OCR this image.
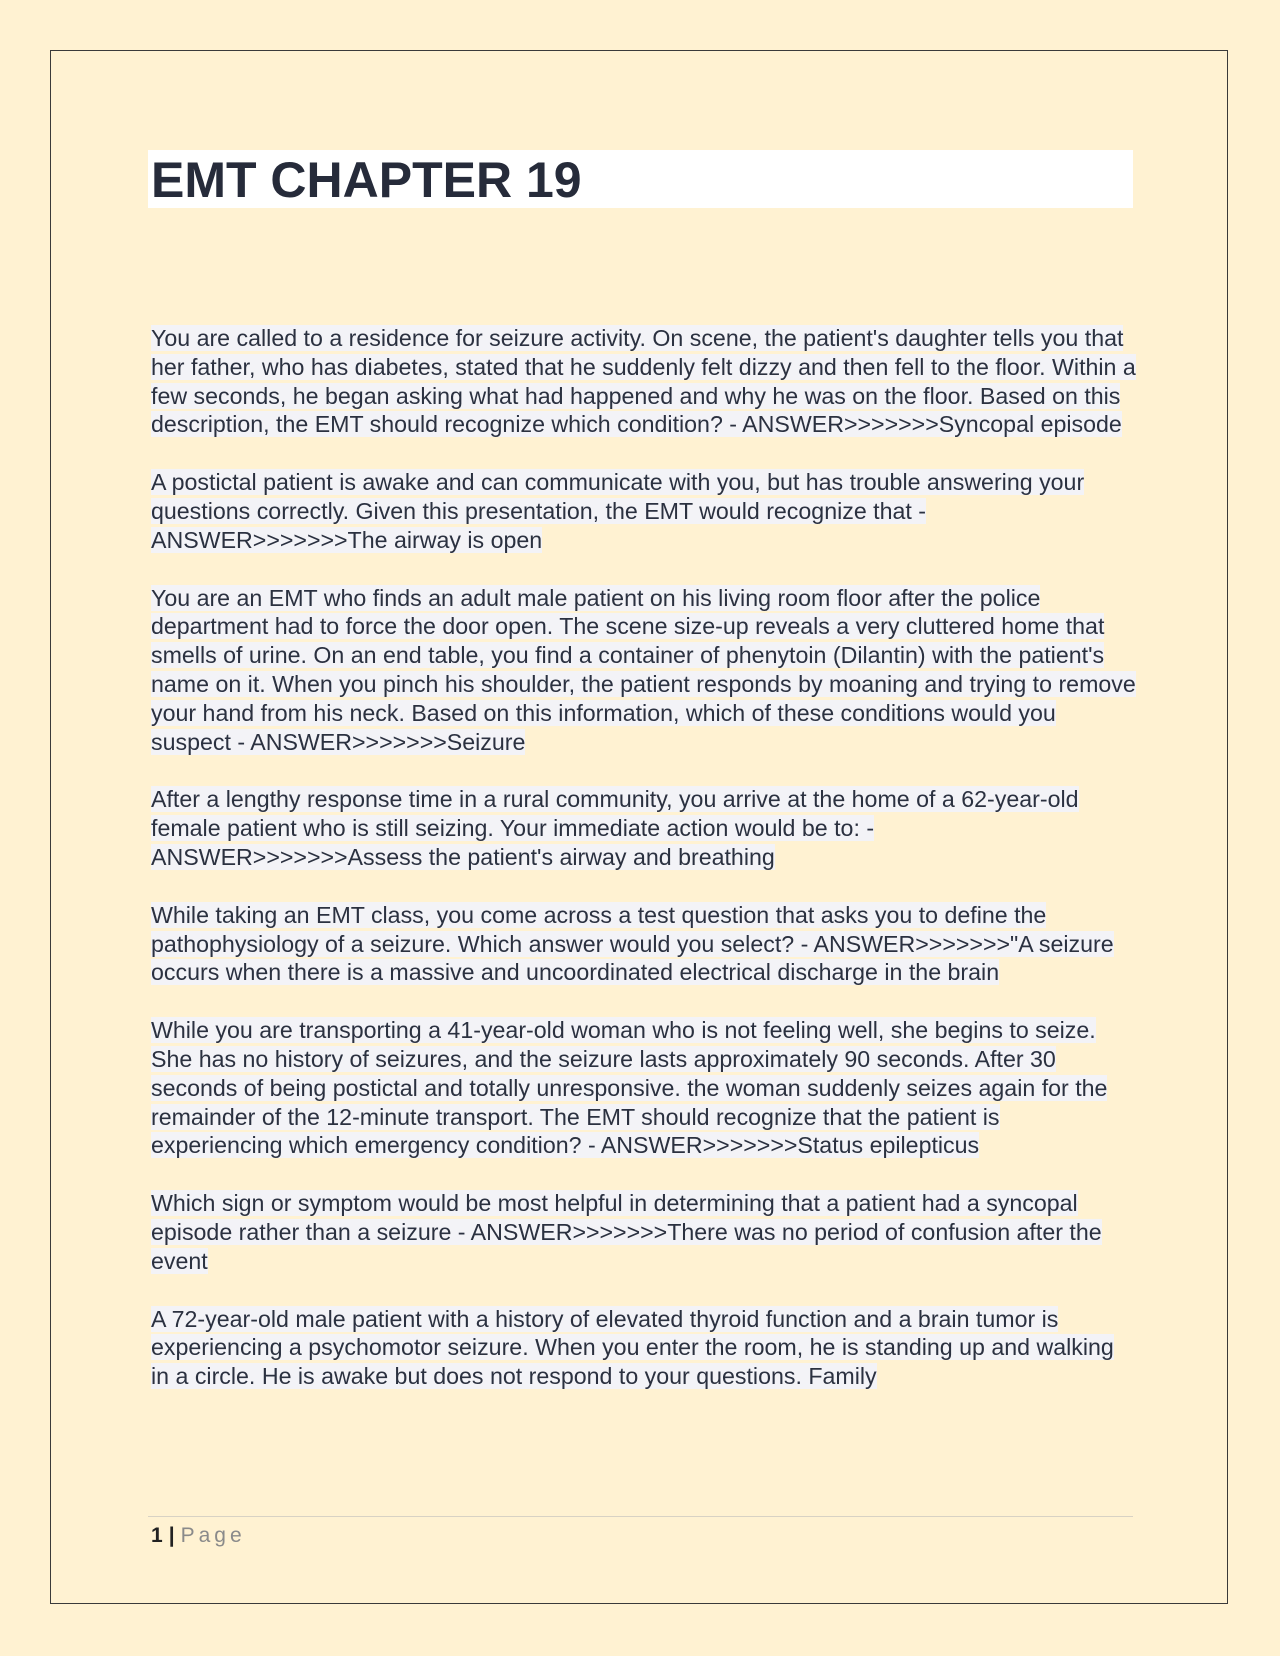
EMT CHAPTER 19

You are called to a residence for seizure activity. On scene, the patient's daughter tells you that her father, who has diabetes, stated that he suddenly felt dizzy and then fell to the floor. Within a few seconds, he began asking what had happened and why he was on the floor. Based on this description, the EMT should recognize which condition? - ANSWER>>>>>>>Syncopal episode

A postictal patient is awake and can communicate with you, but has trouble answering your questions correctly. Given this presentation, the EMT would recognize that - ANSWER>>>>>>>The airway is open

You are an EMT who finds an adult male patient on his living room floor after the police department had to force the door open. The scene size-up reveals a very cluttered home that smells of urine. On an end table, you find a container of phenytoin (Dilantin) with the patient's name on it. When you pinch his shoulder, the patient responds by moaning and trying to remove your hand from his neck. Based on this information, which of these conditions would you suspect - ANSWER>>>>>>>Seizure

After a lengthy response time in a rural community, you arrive at the home of a 62-year-old female patient who is still seizing. Your immediate action would be to: - ANSWER>>>>>>>Assess the patient's airway and breathing

While taking an EMT class, you come across a test question that asks you to define the pathophysiology of a seizure. Which answer would you select? - ANSWER>>>>>>>"A seizure occurs when there is a massive and uncoordinated electrical discharge in the brain

While you are transporting a 41-year-old woman who is not feeling well, she begins to seize. She has no history of seizures, and the seizure lasts approximately 90 seconds. After 30 seconds of being postictal and totally unresponsive. the woman suddenly seizes again for the remainder of the 12-minute transport. The EMT should recognize that the patient is experiencing which emergency condition? - ANSWER>>>>>>>Status epilepticus

Which sign or symptom would be most helpful in determining that a patient had a syncopal episode rather than a seizure - ANSWER>>>>>>>There was no period of confusion after the event

A 72-year-old male patient with a history of elevated thyroid function and a brain tumor is experiencing a psychomotor seizure. When you enter the room, he is standing up and walking in a circle. He is awake but does not respond to your questions. Family

1 | Page
